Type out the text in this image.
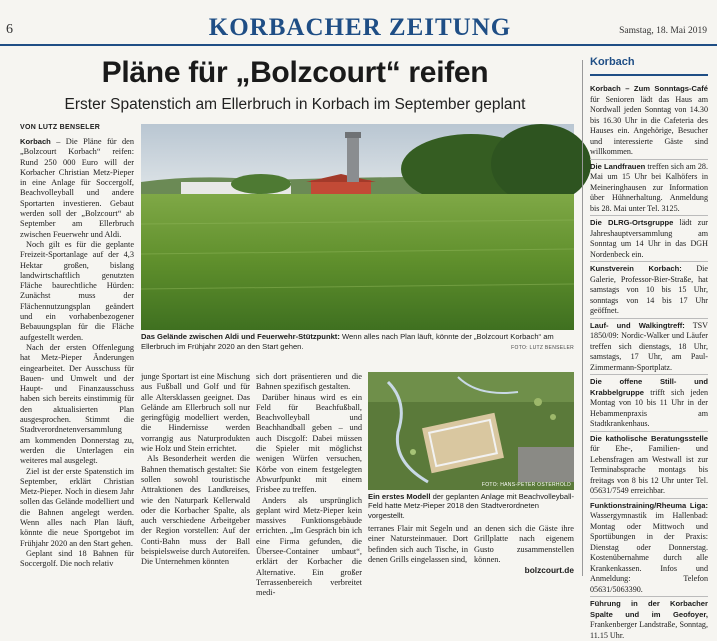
6	KORBACHER ZEITUNG	Samstag, 18. Mai 2019
Pläne für „Bolzcourt“ reifen
Erster Spatenstich am Ellerbruch in Korbach im September geplant
VON LUTZ BENSELER

Korbach – Die Pläne für den „Bolzcourt Korbach“ reifen: Rund 250 000 Euro will der Korbacher Christian Metz-Pieper in eine Anlage für Soccergolf, Beachvolleyball und andere Sportarten investieren. Gebaut werden soll der „Bolzcourt“ ab September am Ellerbruch zwischen Feuerwehr und Aldi.

Noch gilt es für die geplante Freizeit-Sportanlage auf der 4,3 Hektar großen, bislang landwirtschaftlich genutzten Fläche baurechtliche Hürden: Zunächst muss der Flächennutzungsplan geändert und ein vorhabenbezogener Bebauungsplan für die Fläche aufgestellt werden.

Nach der ersten Offenlegung hat Metz-Pieper Änderungen eingearbeitet. Der Ausschuss für Bauen- und Umwelt und der Haupt- und Finanzausschuss haben sich bereits einstimmig für den aktualisierten Plan ausgesprochen. Stimmt die Stadtverordnetenversammlung am kommenden Donnerstag zu, werden die Unterlagen ein weiteres mal ausgelegt.

Ziel ist der erste Spatenstich im September, erklärt Christian Metz-Pieper. Noch in diesem Jahr sollen das Gelände modelliert und die Bahnen angelegt werden. Wenn alles nach Plan läuft, könnte die neue Sportgebot im Frühjahr 2020 an den Start gehen.

Geplant sind 18 Bahnen für Soccergolf. Die noch relativ

Das Gelände zwischen Aldi und Feuerwehr-Stützpunkt: Wenn alles nach Plan läuft, könnte der „Bolzcourt Korbach“ am Ellerbruch im Frühjahr 2020 an den Start gehen.	FOTO: LUTZ BENSELER

junge Sportart ist eine Mischung aus Fußball und Golf und für alle Altersklassen geeignet. Das Gelände am Ellerbruch soll nur geringfügig modelliert werden, die Hindernisse werden vorrangig aus Naturprodukten wie Holz und Stein errichtet.

Als Besonderheit werden die Bahnen thematisch gestaltet: Sie sollen sowohl touristische Attraktionen des Landkreises, wie den Naturpark Kellerwald oder die Korbacher Spalte, als auch verschiedene Arbeitgeber der Region vorstellen: Auf der Conti-Bahn muss der Ball beispielsweise durch Autoreifen. Die Unternehmen könnten

sich dort präsentieren und die Bahnen spezifisch gestalten.

Darüber hinaus wird es ein Feld für Beachfußball, Beachvolleyball und Beachhandball geben – und auch Discgolf: Dabei müssen die Spieler mit möglichst wenigen Würfen versuchen, Körbe von einem festgelegten Abwurfpunkt mit einem Frisbee zu treffen.

Anders als ursprünglich geplant wird Metz-Pieper kein massives Funktionsgebäude errichten. „Im Gespräch bin ich eine Firma gefunden, die Übersee-Container umbaut“, erklärt der Korbacher die Alternative. Ein großer Terrassenbereich verbreitet medi-

FOTO: HANS-PETER OSTERHOLD
Ein erstes Modell der geplanten Anlage mit Beachvolleyball-Feld hatte Metz-Pieper 2018 den Stadtverordneten vorgestellt.

terranes Flair mit Segeln und einer Natursteinmauer. Dort befinden sich auch Tische, in denen Grills eingelassen sind,

an denen sich die Gäste ihre Grillplatte nach eigenem Gusto zusammenstellen können.

bolzcourt.de

Korbach
Korbach – Zum Sonntags-Café für Senioren lädt das Haus am Nordwall jeden Sonntag von 14.30 bis 16.30 Uhr in die Cafeteria des Hauses ein. Angehörige, Besucher und interessierte Gäste sind willkommen.
Die Landfrauen treffen sich am 28. Mai um 15 Uhr bei Kalhöfers in Meineringhausen zur Information über Hühnerhaltung. Anmeldung bis 28. Mai unter Tel. 3125.
Die DLRG-Ortsgruppe lädt zur Jahreshauptversammlung am Sonntag um 14 Uhr in das DGH Nordenbeck ein.
Kunstverein Korbach: Die Galerie, Professor-Bier-Straße, hat samstags von 10 bis 15 Uhr, sonntags von 14 bis 17 Uhr geöffnet.
Lauf- und Walkingtreff: TSV 1850/09: Nordic-Walker und Läufer treffen sich dienstags, 18 Uhr, samstags, 17 Uhr, am Paul-Zimmermann-Sportplatz.
Die offene Still- und Krabbelgruppe trifft sich jeden Montag von 10 bis 11 Uhr in der Hebammenpraxis am Stadtkrankenhaus.
Die katholische Beratungsstelle für Ehe-, Familien- und Lebensfragen am Westwall ist zur Terminabsprache montags bis freitags von 8 bis 12 Uhr unter Tel. 05631/7549 erreichbar.
Funktionstraining/Rheuma Liga: Wassergymnastik im Hallenbad: Montag oder Mittwoch und Sportübungen in der Praxis: Dienstag oder Donnerstag. Kostenübernahme durch alle Krankenkassen. Infos und Anmeldung: Telefon 05631/5063390.
Führung in der Korbacher Spalte und im Geofoyer, Frankenberger Landstraße, Sonntag, 11.15 Uhr.
